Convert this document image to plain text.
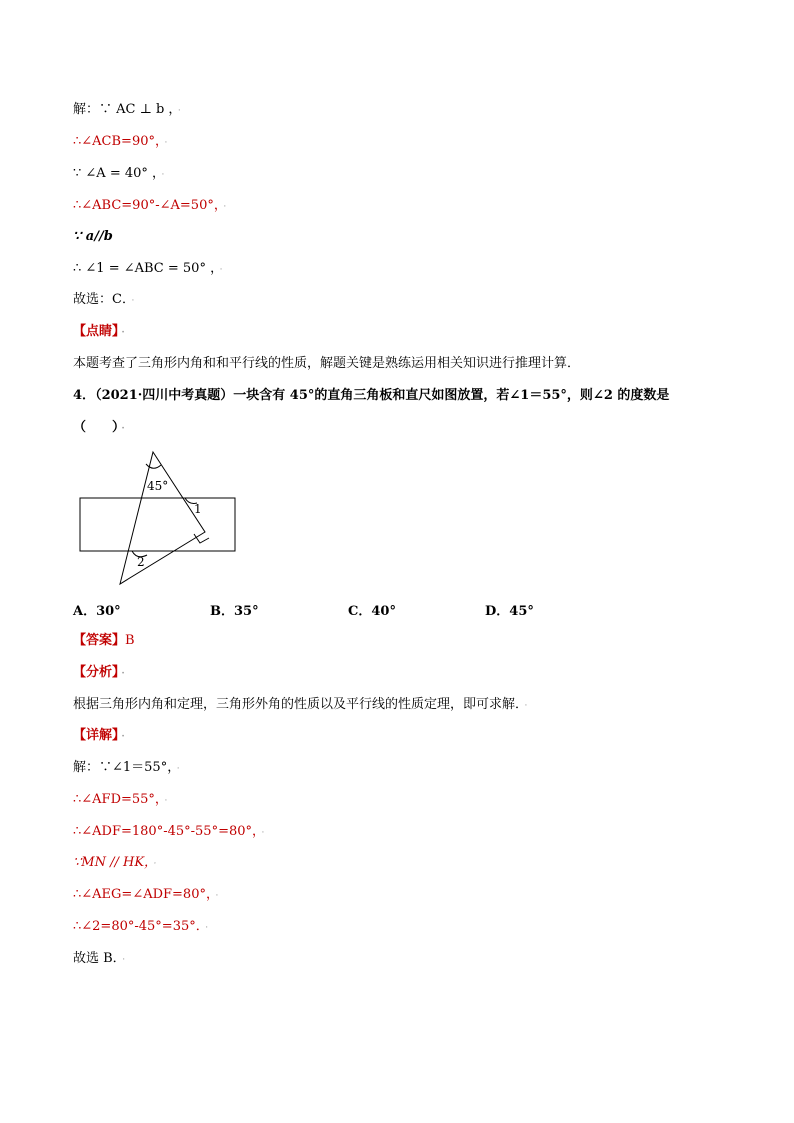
解：∵ AC ⊥ b ， ·
∴∠ACB=90°， ·
∵ ∠A = 40° ， ·
∴∠ABC=90°-∠A=50°， ·
∵ a//b
∴ ∠1 = ∠ABC = 50° ， ·
故选：C． ·
【点睛】 ·
本题考查了三角形内角和和平行线的性质，解题关键是熟练运用相关知识进行推理计算．
4．（2021·四川中考真题）一块含有 45°的直角三角板和直尺如图放置，若∠1＝55°，则∠2 的度数是
（　　） ·
45°
1
2
A．30°	B．35°	C．40°	D．45°
【答案】B
【分析】 ·
根据三角形内角和定理，三角形外角的性质以及平行线的性质定理，即可求解． ·
【详解】 ·
解：∵∠1＝55°， ·
∴∠AFD=55°， ·
∴∠ADF=180°-45°-55°=80°， ·
∵MN // HK， ·
∴∠AEG=∠ADF=80°， ·
∴∠2=80°-45°=35°． ·
故选 B． ·
